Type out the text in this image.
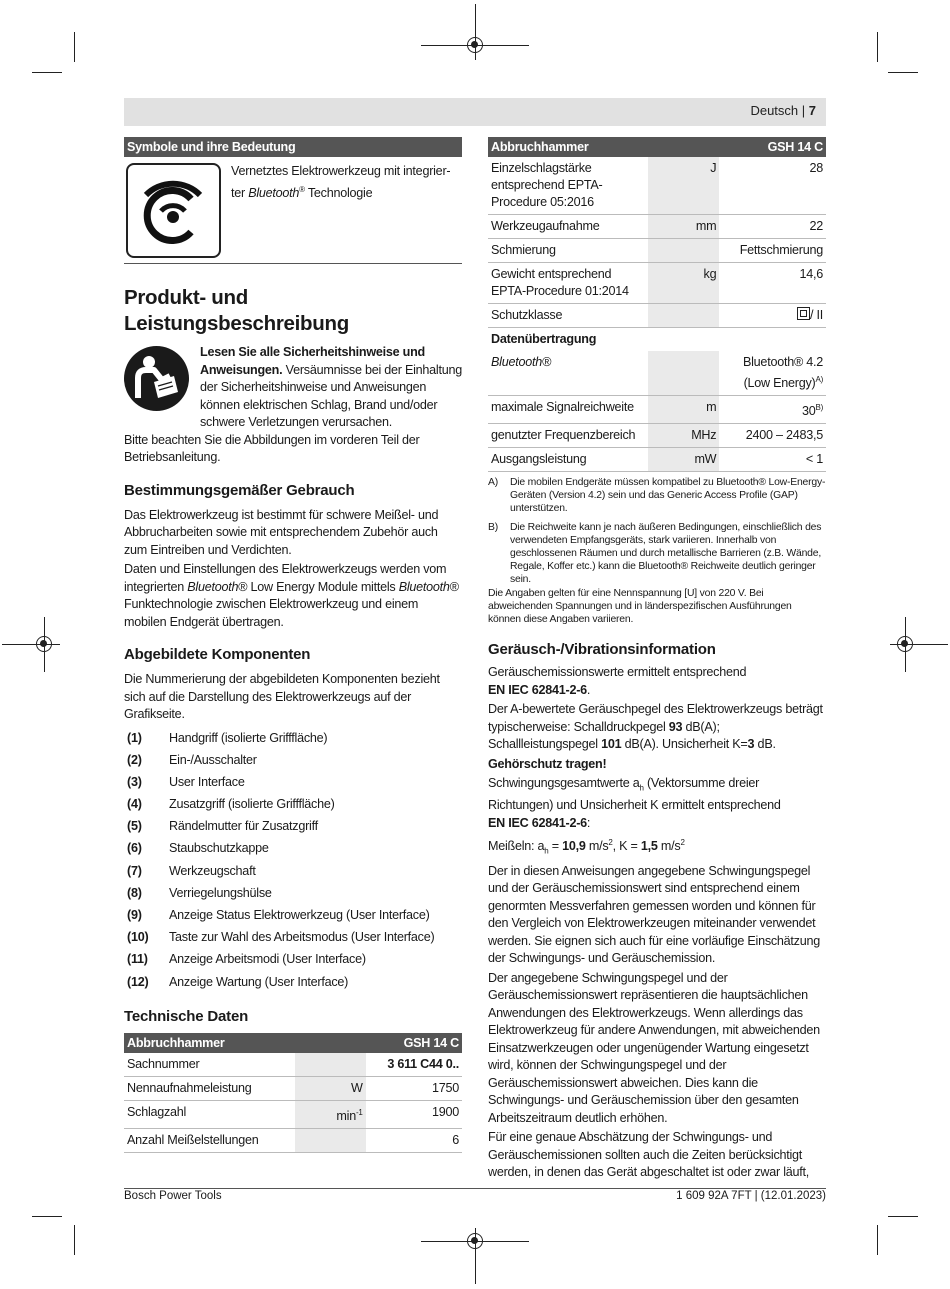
Deutsch | 7
Symbole und ihre Bedeutung

Vernetztes Elektrowerkzeug mit integrier-

ter Bluetooth® Technologie

Produkt- und
Leistungsbeschreibung

Lesen Sie alle Sicherheitshinweise und Anweisungen. Versäumnisse bei der Einhaltung der Sicherheitshinweise und Anweisungen können elektrischen Schlag, Brand und/oder schwere Verletzungen verursachen.

Bitte beachten Sie die Abbildungen im vorderen Teil der Betriebsanleitung.

Bestimmungsgemäßer Gebrauch

Das Elektrowerkzeug ist bestimmt für schwere Meißel- und Abbrucharbeiten sowie mit entsprechendem Zubehör auch zum Eintreiben und Verdichten.

Daten und Einstellungen des Elektrowerkzeugs werden vom integrierten Bluetooth® Low Energy Module mittels Bluetooth® Funktechnologie zwischen Elektrowerkzeug und einem mobilen Endgerät übertragen.

Abgebildete Komponenten

Die Nummerierung der abgebildeten Komponenten bezieht sich auf die Darstellung des Elektrowerkzeugs auf der Grafikseite.

(1)	Handgriff (isolierte Grifffläche)
(2)	Ein-/Ausschalter
(3)	User Interface
(4)	Zusatzgriff (isolierte Grifffläche)
(5)	Rändelmutter für Zusatzgriff
(6)	Staubschutzkappe
(7)	Werkzeugschaft
(8)	Verriegelungshülse
(9)	Anzeige Status Elektrowerkzeug (User Interface)
(10)	Taste zur Wahl des Arbeitsmodus (User Interface)
(11)	Anzeige Arbeitsmodi (User Interface)
(12)	Anzeige Wartung (User Interface)
Technische Daten
Abbruchhammer	GSH 14 C
Sachnummer		3 611 C44 0..
Nennaufnahmeleistung	W	1750
Schlagzahl	$\min^{-1}$	1900
Anzahl Meißelstellungen		6
Abbruchhammer	GSH 14 C
Einzelschlagstärke entsprechend EPTA-Procedure 05:2016	J	28
Werkzeugaufnahme	mm	22
Schmierung		Fettschmierung
Gewicht entsprechend EPTA-Procedure 01:2014	kg	14,6
Schutzklasse		/ II
Datenübertragung		
Bluetooth®		Bluetooth® 4.2 (Low Energy)$^{A)}$
maximale Signalreichweite	m	$30^{B)}$
genutzter Frequenzbereich	MHz	2400 – 2483,5
Ausgangsleistung	mW	< 1
A)	Die mobilen Endgeräte müssen kompatibel zu Bluetooth® Low-Energy-Geräten (Version 4.2) sein und das Generic Access Profile (GAP) unterstützen.
B)	Die Reichweite kann je nach äußeren Bedingungen, einschließlich des verwendeten Empfangsgeräts, stark variieren. Innerhalb von geschlossenen Räumen und durch metallische Barrieren (z.B. Wände, Regale, Koffer etc.) kann die Bluetooth® Reichweite deutlich geringer sein.

Die Angaben gelten für eine Nennspannung [U] von 220 V. Bei abweichenden Spannungen und in länderspezifischen Ausführungen können diese Angaben variieren.

Geräusch-/Vibrationsinformation

Geräuschemissionswerte ermittelt entsprechend

EN IEC 62841-2-6.

Der A-bewertete Geräuschpegel des Elektrowerkzeugs beträgt typischerweise: Schalldruckpegel 93 dB(A); Schallleistungspegel 101 dB(A). Unsicherheit K=3 dB.

Gehörschutz tragen!

Schwingungsgesamtwerte $a_h$ (Vektorsumme dreier Richtungen) und Unsicherheit K ermittelt entsprechend

EN IEC 62841-2-6:

Meißeln: $a_h = 10,9$ $m/s^2$, K = 1,5 $m/s^2$

Der in diesen Anweisungen angegebene Schwingungspegel und der Geräuschemissionswert sind entsprechend einem genormten Messverfahren gemessen worden und können für den Vergleich von Elektrowerkzeugen miteinander verwendet werden. Sie eignen sich auch für eine vorläufige Einschätzung der Schwingungs- und Geräuschemission.

Der angegebene Schwingungspegel und der Geräuschemissionswert repräsentieren die hauptsächlichen Anwendungen des Elektrowerkzeugs. Wenn allerdings das Elektrowerkzeug für andere Anwendungen, mit abweichenden Einsatzwerkzeugen oder ungenügender Wartung eingesetzt wird, können der Schwingungspegel und der Geräuschemissionswert abweichen. Dies kann die Schwingungs- und Geräuschemission über den gesamten Arbeitszeitraum deutlich erhöhen.

Für eine genaue Abschätzung der Schwingungs- und Geräuschemissionen sollten auch die Zeiten berücksichtigt werden, in denen das Gerät abgeschaltet ist oder zwar läuft,

Bosch Power Tools	1 609 92A 7FT | (12.01.2023)
